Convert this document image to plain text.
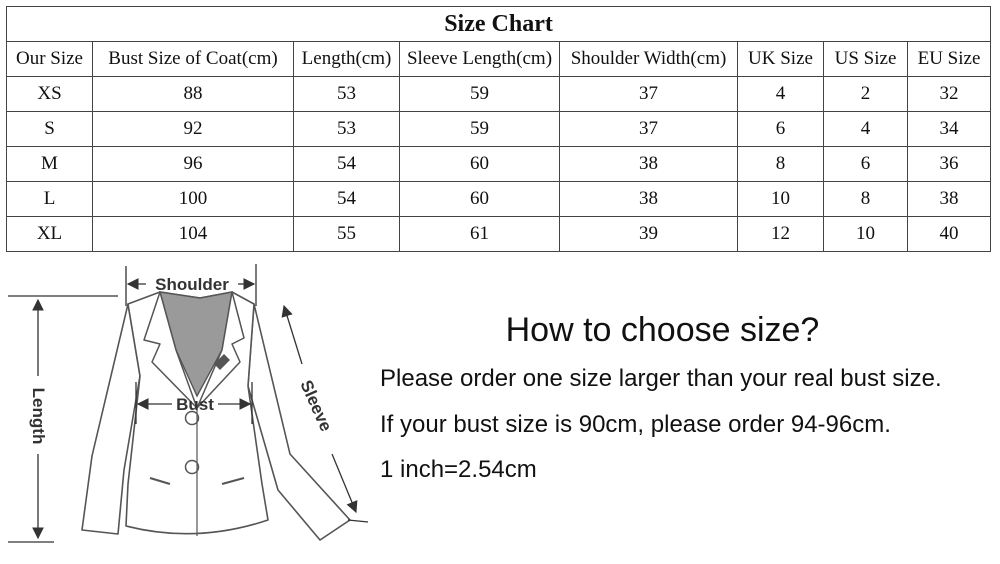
Size Chart							
Our Size	Bust Size of Coat(cm)	Length(cm)	Sleeve Length(cm)	Shoulder Width(cm)	UK Size	US Size	EU Size
XS	88	53	59	37	4	2	32
S	92	53	59	37	6	4	34
M	96	54	60	38	8	6	36
L	100	54	60	38	10	8	38
XL	104	55	61	39	12	10	40
Shoulder
Bust
Length	Sleeve

How to choose size?

Please order one size larger than your real bust size.

If your bust size is 90cm, please order 94-96cm.

1 inch=2.54cm
